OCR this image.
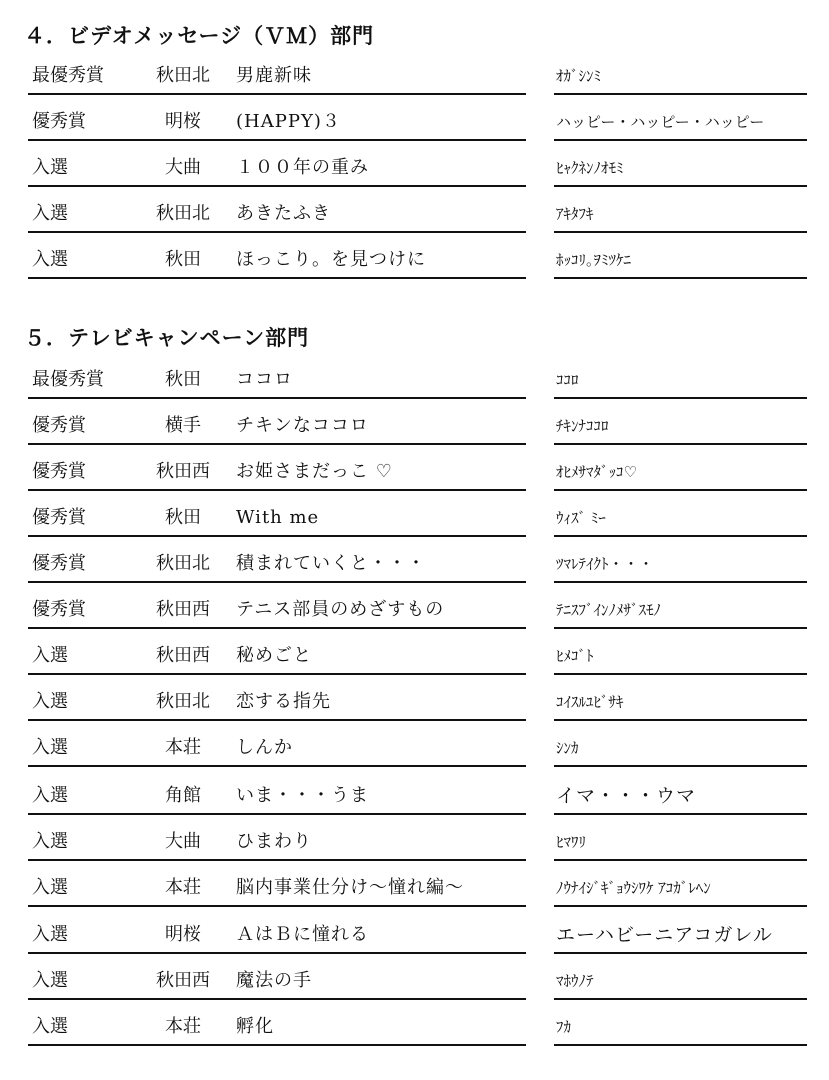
４．ビデオメッセージ（ＶＭ）部門
最優秀賞	秋田北	男鹿新味	ｵｶﾞｼﾝﾐ
優秀賞	明桜	(HAPPY)３	ハッピー・ハッピー・ハッピー
入選	大曲	１００年の重み	ﾋｬｸﾈﾝﾉｵﾓﾐ
入選	秋田北	あきたふき	ｱｷﾀﾌｷ
入選	秋田	ほっこり。を見つけに	ﾎｯｺﾘ｡ｦﾐﾂｹﾆ
５．テレビキャンペーン部門
最優秀賞	秋田	ココロ	ｺｺﾛ
優秀賞	横手	チキンなココロ	ﾁｷﾝﾅｺｺﾛ
優秀賞	秋田西	お姫さまだっこ ♡	ｵﾋﾒｻﾏﾀﾞｯｺ♡
優秀賞	秋田	With me	ｳｨｽﾞ ﾐｰ
優秀賞	秋田北	積まれていくと・・・	ﾂﾏﾚﾃｲｸﾄ・・・
優秀賞	秋田西	テニス部員のめざすもの	ﾃﾆｽﾌﾞｲﾝﾉﾒｻﾞｽﾓﾉ
入選	秋田西	秘めごと	ﾋﾒｺﾞﾄ
入選	秋田北	恋する指先	ｺｲｽﾙﾕﾋﾞｻｷ
入選	本荘	しんか	ｼﾝｶ
入選	角館	いま・・・うま	イマ・・・ウマ
入選	大曲	ひまわり	ﾋﾏﾜﾘ
入選	本荘	脳内事業仕分け～憧れ編～	ﾉｳﾅｲｼﾞｷﾞｮｳｼﾜｹ ｱｺｶﾞﾚﾍﾝ
入選	明桜	ＡはＢに憧れる	エーハビーニアコガレル
入選	秋田西	魔法の手	ﾏﾎｳﾉﾃ
入選	本荘	孵化	ﾌｶ
